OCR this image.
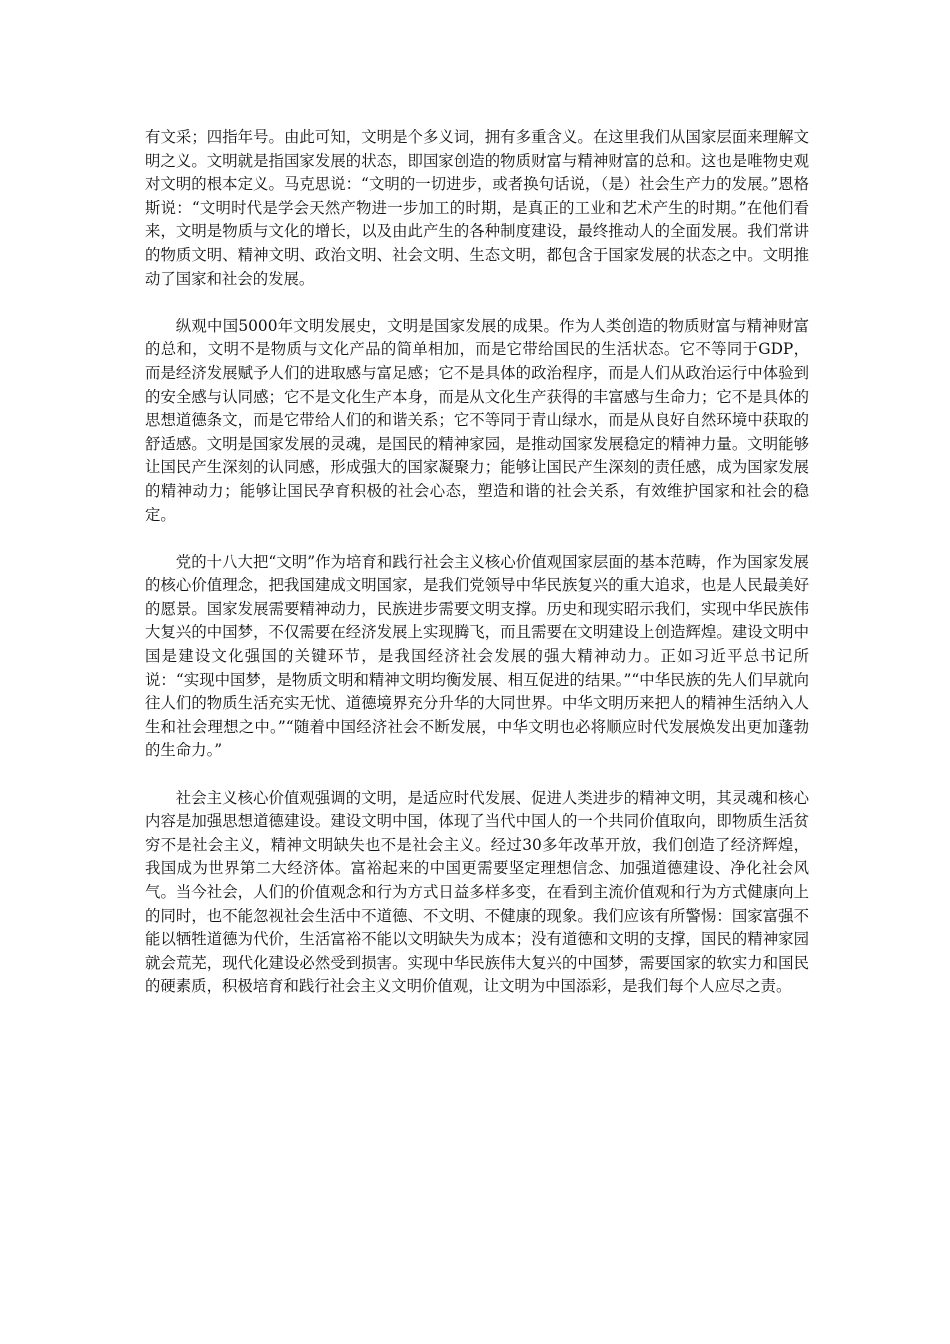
有文采；四指年号。由此可知，文明是个多义词，拥有多重含义。在这里我们从国家层面来理解文明之义。文明就是指国家发展的状态，即国家创造的物质财富与精神财富的总和。这也是唯物史观对文明的根本定义。马克思说：“文明的一切进步，或者换句话说，（是）社会生产力的发展。”恩格斯说：“文明时代是学会天然产物进一步加工的时期，是真正的工业和艺术产生的时期。”在他们看来，文明是物质与文化的增长，以及由此产生的各种制度建设，最终推动人的全面发展。我们常讲的物质文明、精神文明、政治文明、社会文明、生态文明，都包含于国家发展的状态之中。文明推动了国家和社会的发展。

纵观中国5000年文明发展史，文明是国家发展的成果。作为人类创造的物质财富与精神财富的总和，文明不是物质与文化产品的简单相加，而是它带给国民的生活状态。它不等同于GDP，而是经济发展赋予人们的进取感与富足感；它不是具体的政治程序，而是人们从政治运行中体验到的安全感与认同感；它不是文化生产本身，而是从文化生产获得的丰富感与生命力；它不是具体的思想道德条文，而是它带给人们的和谐关系；它不等同于青山绿水，而是从良好自然环境中获取的舒适感。文明是国家发展的灵魂，是国民的精神家园，是推动国家发展稳定的精神力量。文明能够让国民产生深刻的认同感，形成强大的国家凝聚力；能够让国民产生深刻的责任感，成为国家发展的精神动力；能够让国民孕育积极的社会心态，塑造和谐的社会关系，有效维护国家和社会的稳定。

党的十八大把“文明”作为培育和践行社会主义核心价值观国家层面的基本范畴，作为国家发展的核心价值理念，把我国建成文明国家，是我们党领导中华民族复兴的重大追求，也是人民最美好的愿景。国家发展需要精神动力，民族进步需要文明支撑。历史和现实昭示我们，实现中华民族伟大复兴的中国梦，不仅需要在经济发展上实现腾飞，而且需要在文明建设上创造辉煌。建设文明中国是建设文化强国的关键环节，是我国经济社会发展的强大精神动力。正如习近平总书记所说：“实现中国梦，是物质文明和精神文明均衡发展、相互促进的结果。”“中华民族的先人们早就向往人们的物质生活充实无忧、道德境界充分升华的大同世界。中华文明历来把人的精神生活纳入人生和社会理想之中。”“随着中国经济社会不断发展，中华文明也必将顺应时代发展焕发出更加蓬勃的生命力。”

社会主义核心价值观强调的文明，是适应时代发展、促进人类进步的精神文明，其灵魂和核心内容是加强思想道德建设。建设文明中国，体现了当代中国人的一个共同价值取向，即物质生活贫穷不是社会主义，精神文明缺失也不是社会主义。经过30多年改革开放，我们创造了经济辉煌，我国成为世界第二大经济体。富裕起来的中国更需要坚定理想信念、加强道德建设、净化社会风气。当今社会，人们的价值观念和行为方式日益多样多变，在看到主流价值观和行为方式健康向上的同时，也不能忽视社会生活中不道德、不文明、不健康的现象。我们应该有所警惕：国家富强不能以牺牲道德为代价，生活富裕不能以文明缺失为成本；没有道德和文明的支撑，国民的精神家园就会荒芜，现代化建设必然受到损害。实现中华民族伟大复兴的中国梦，需要国家的软实力和国民的硬素质，积极培育和践行社会主义文明价值观，让文明为中国添彩，是我们每个人应尽之责。
